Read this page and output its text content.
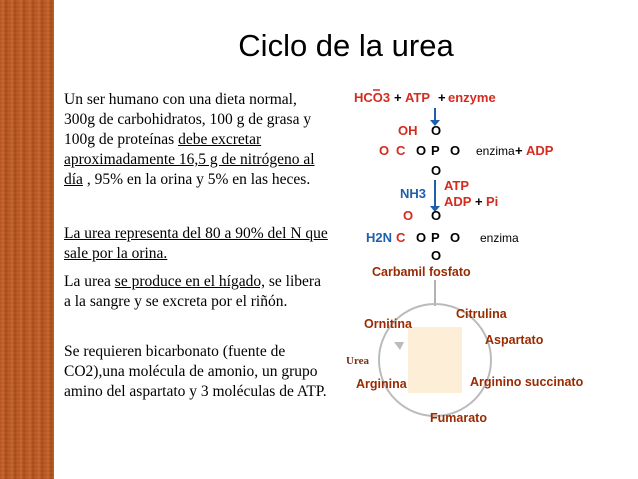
Ciclo de la urea
Un ser humano con una dieta normal, 300g de carbohidratos, 100 g de grasa y 100g de proteínas debe excretar aproximadamente 16,5 g de nitrógeno al día , 95% en la orina y 5% en las heces.
La urea representa del 80 a 90% del N que sale por la orina.
La urea se produce en el hígado, se libera a la sangre y se excreta por el riñón.
Se requieren bicarbonato (fuente de CO2),una molécula de amonio, un grupo amino del aspartato y 3 moléculas de ATP.
HCO3 + ATP + enzyme
OH O
O C O P O
O
enzima + ADP
NH3
ATP
ADP + Pi
O O
H2N C O P O
O
enzima
Carbamil fosfato
Citrulina
Ornitina
Aspartato
Urea
Arginina	Arginino succinato
Fumarato
